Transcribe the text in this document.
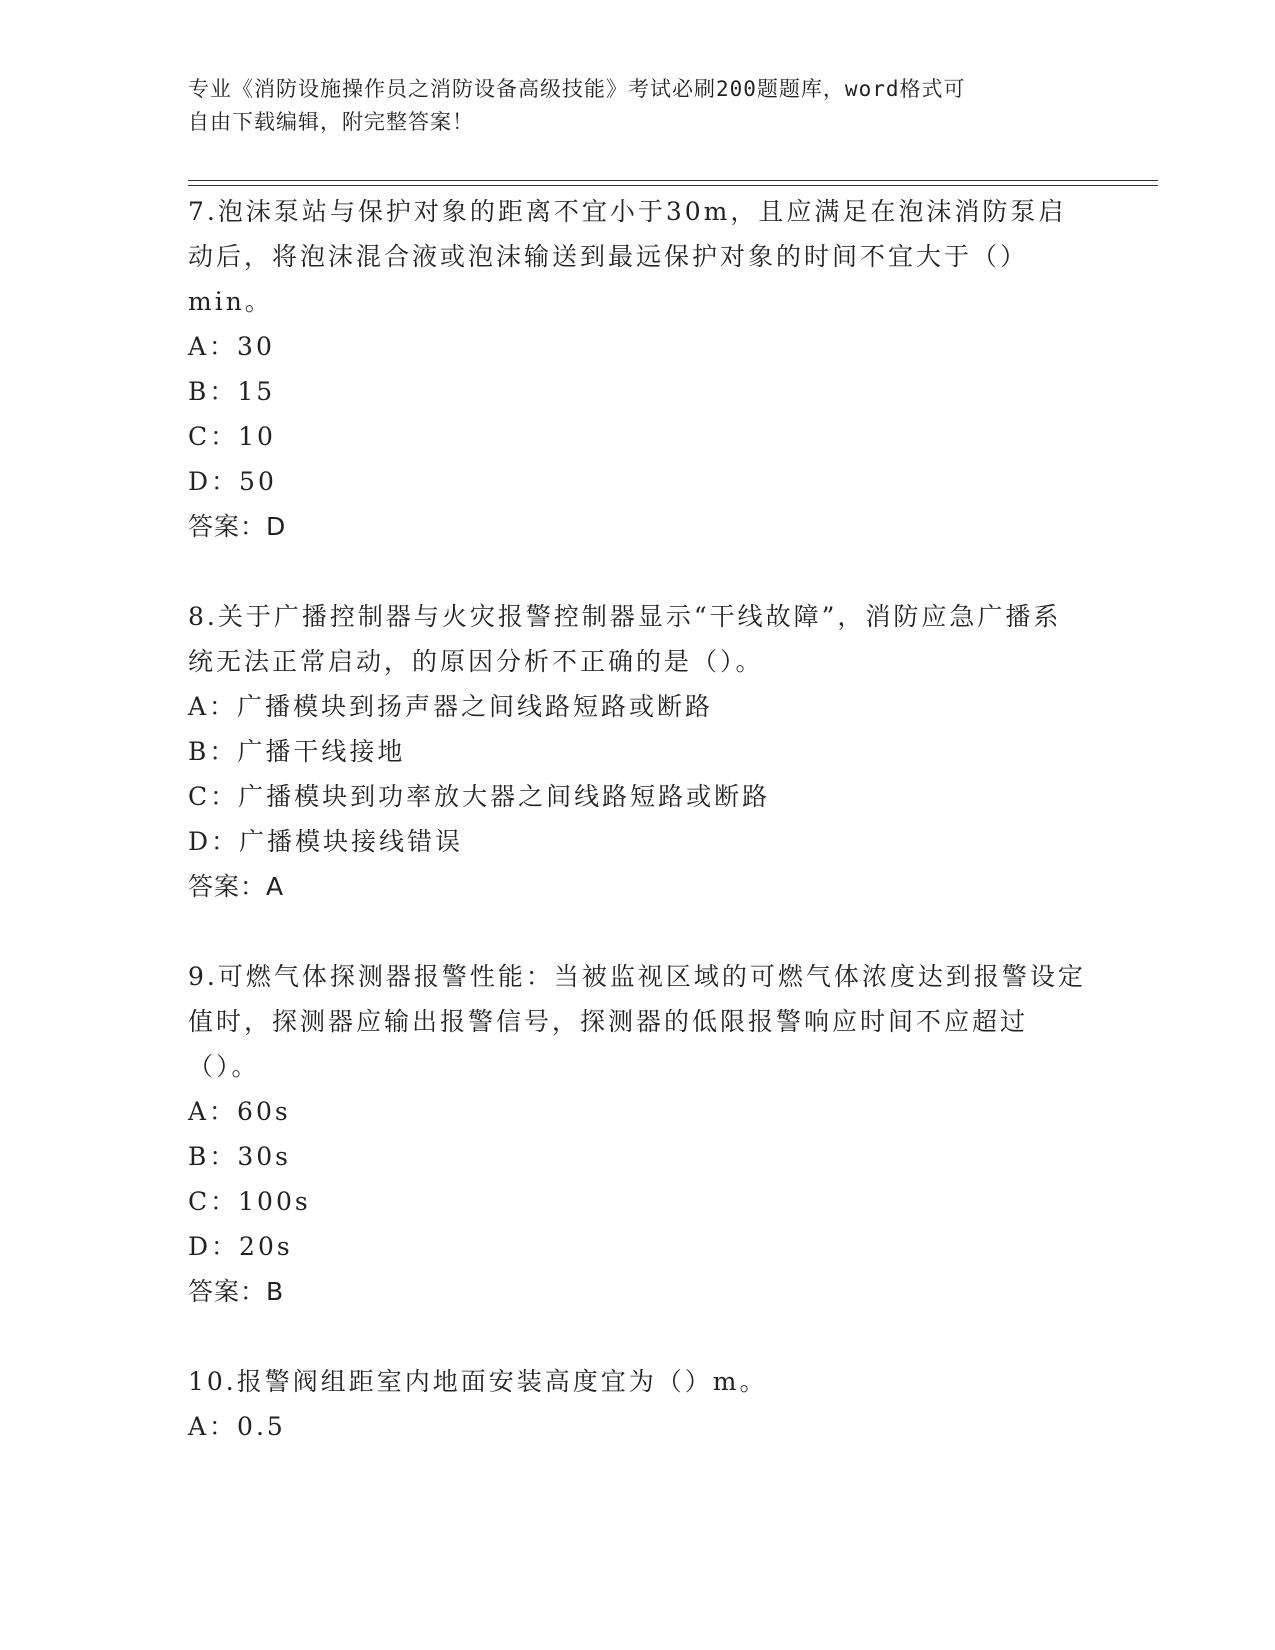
专业《消防设施操作员之消防设备高级技能》考试必刷200题题库，word格式可
自由下载编辑，附完整答案！

7.泡沫泵站与保护对象的距离不宜小于30m，且应满足在泡沫消防泵启动后，将泡沫混合液或泡沫输送到最远保护对象的时间不宜大于（）min。

A：30

B：15

C：10

D：50

答案：D

8.关于广播控制器与火灾报警控制器显示“干线故障”，消防应急广播系统无法正常启动，的原因分析不正确的是（）。

A：广播模块到扬声器之间线路短路或断路

B：广播干线接地

C：广播模块到功率放大器之间线路短路或断路

D：广播模块接线错误

答案：A

9.可燃气体探测器报警性能：当被监视区域的可燃气体浓度达到报警设定值时，探测器应输出报警信号，探测器的低限报警响应时间不应超过（）。

A：60s

B：30s

C：100s

D：20s

答案：B

10.报警阀组距室内地面安装高度宜为（）m。

A：0.5
